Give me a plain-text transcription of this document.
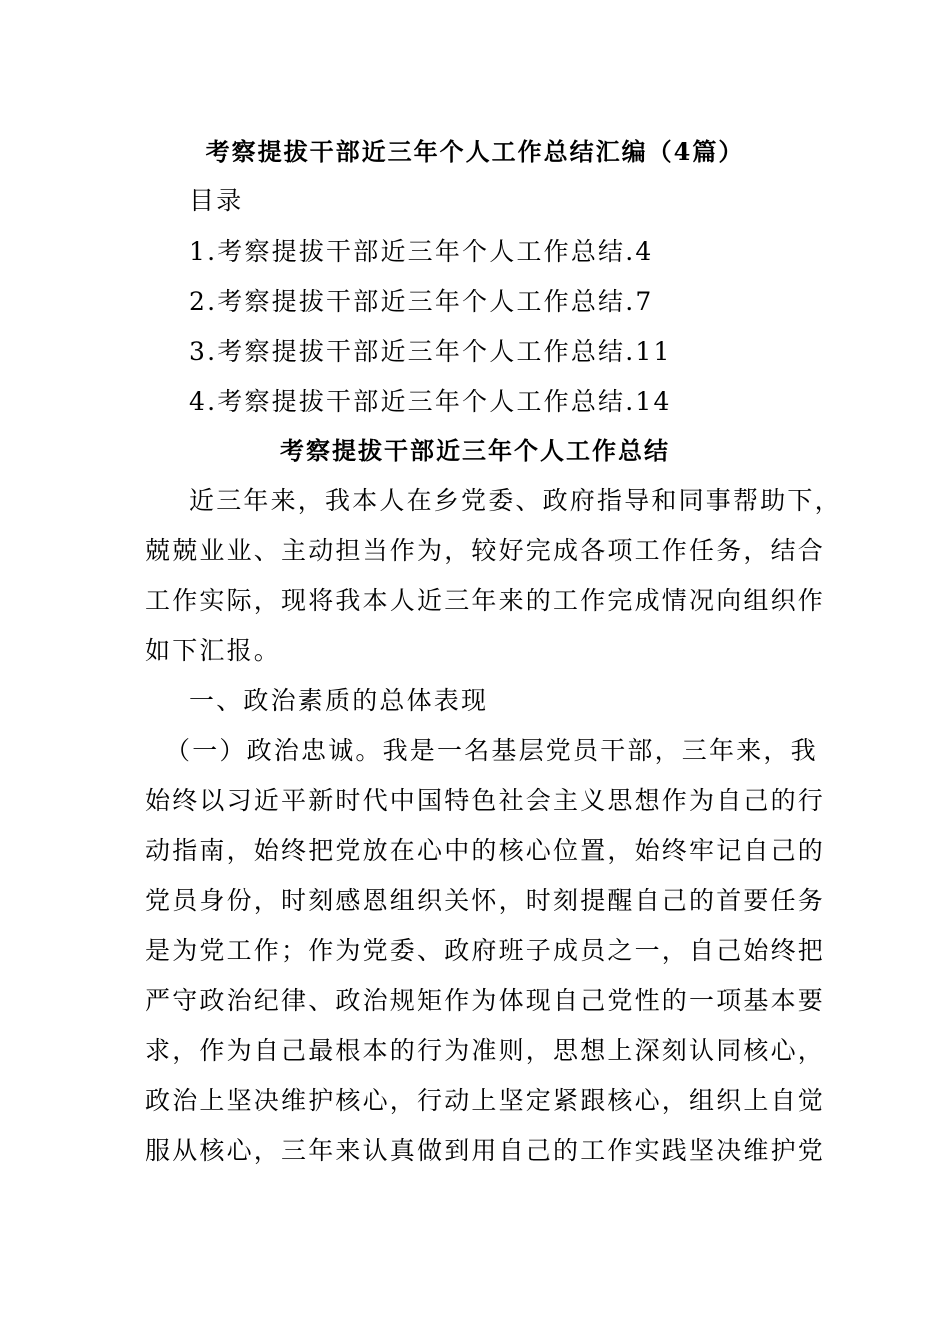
考察提拔干部近三年个人工作总结汇编（4篇）
目录
1.考察提拔干部近三年个人工作总结.4
2.考察提拔干部近三年个人工作总结.7
3.考察提拔干部近三年个人工作总结.11
4.考察提拔干部近三年个人工作总结.14
考察提拔干部近三年个人工作总结
近三年来，我本人在乡党委、政府指导和同事帮助下，
兢兢业业、主动担当作为，较好完成各项工作任务，结合
工作实际，现将我本人近三年来的工作完成情况向组织作
如下汇报。
一、政治素质的总体表现
（一）政治忠诚。我是一名基层党员干部，三年来，我
始终以习近平新时代中国特色社会主义思想作为自己的行
动指南，始终把党放在心中的核心位置，始终牢记自己的
党员身份，时刻感恩组织关怀，时刻提醒自己的首要任务
是为党工作；作为党委、政府班子成员之一，自己始终把
严守政治纪律、政治规矩作为体现自己党性的一项基本要
求，作为自己最根本的行为准则，思想上深刻认同核心，
政治上坚决维护核心，行动上坚定紧跟核心，组织上自觉
服从核心，三年来认真做到用自己的工作实践坚决维护党
